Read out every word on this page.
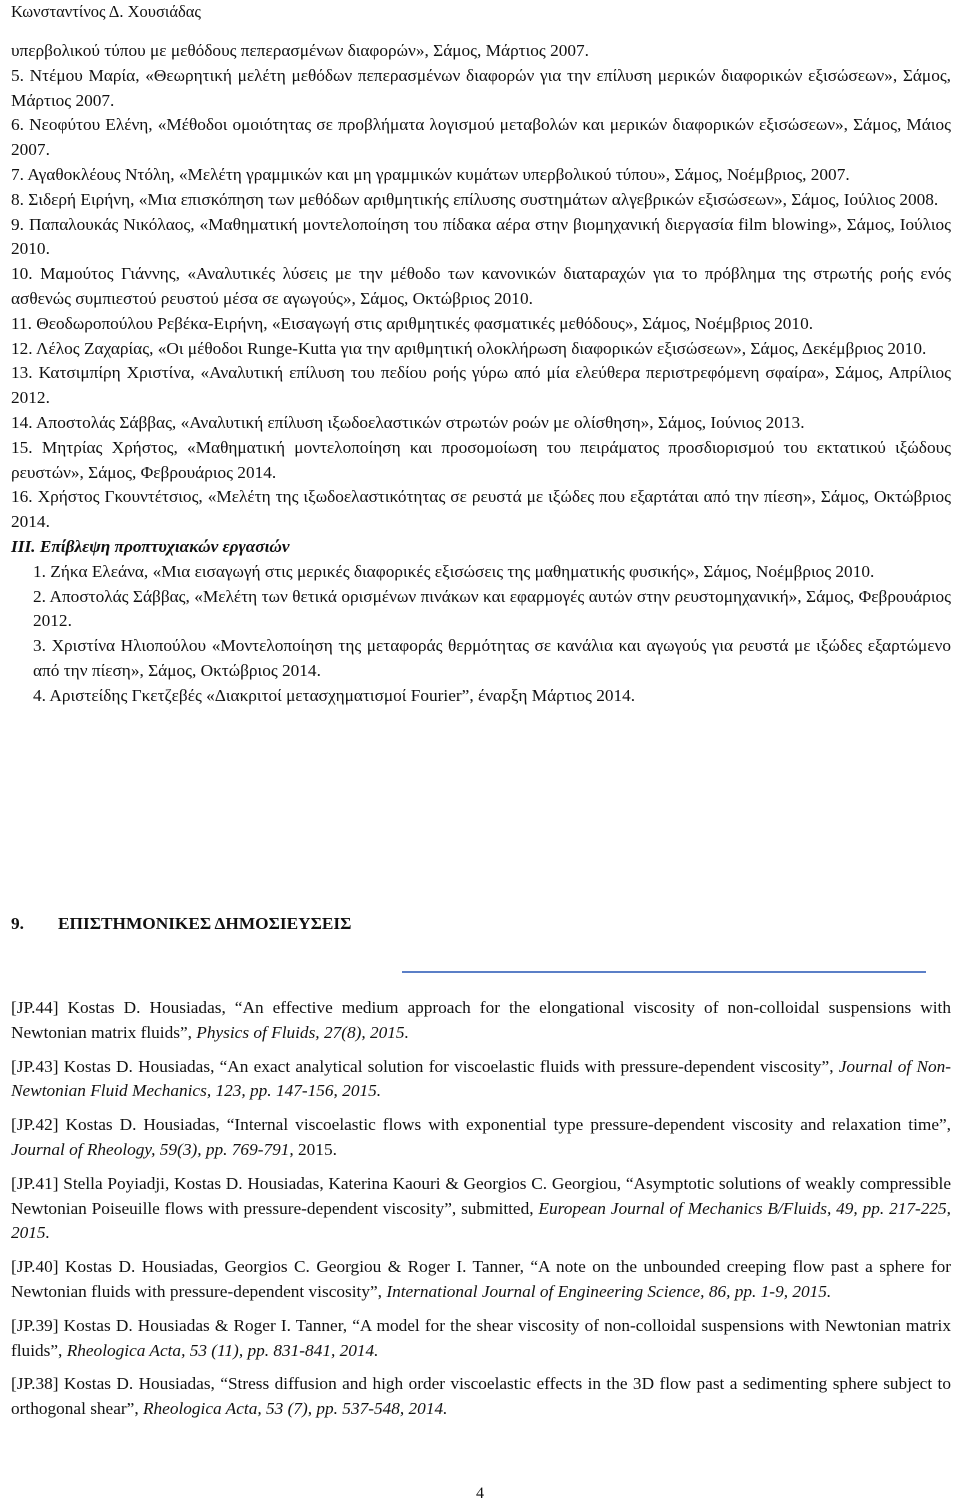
Κωνσταντίνος Δ. Χουσιάδας
υπερβολικού τύπου με μεθόδους πεπερασμένων διαφορών», Σάμος, Μάρτιος 2007.
5. Ντέμου Μαρία, «Θεωρητική μελέτη μεθόδων πεπερασμένων διαφορών για την επίλυση μερικών διαφορικών εξισώσεων», Σάμος, Μάρτιος 2007.
6. Νεοφύτου Ελένη, «Μέθοδοι ομοιότητας σε προβλήματα λογισμού μεταβολών και μερικών διαφορικών εξισώσεων», Σάμος, Μάιος 2007.
7. Αγαθοκλέους Ντόλη, «Μελέτη γραμμικών και μη γραμμικών κυμάτων υπερβολικού τύπου», Σάμος, Νοέμβριος, 2007.
8. Σιδερή Ειρήνη, «Μια επισκόπηση των μεθόδων αριθμητικής επίλυσης συστημάτων αλγεβρικών εξισώσεων», Σάμος, Ιούλιος 2008.
9. Παπαλουκάς Νικόλαος, «Μαθηματική μοντελοποίηση του πίδακα αέρα στην βιομηχανική διεργασία film blowing», Σάμος, Ιούλιος 2010.
10. Μαμούτος Γιάννης, «Αναλυτικές λύσεις με την μέθοδο των κανονικών διαταραχών για το πρόβλημα της στρωτής ροής ενός ασθενώς συμπιεστού ρευστού μέσα σε αγωγούς», Σάμος, Οκτώβριος 2010.
11. Θεοδωροπούλου Ρεβέκα-Ειρήνη, «Εισαγωγή στις αριθμητικές φασματικές μεθόδους», Σάμος, Νοέμβριος 2010.
12. Λέλος Ζαχαρίας, «Οι μέθοδοι Runge-Kutta για την αριθμητική ολοκλήρωση διαφορικών εξισώσεων», Σάμος, Δεκέμβριος 2010.
13. Κατσιμπίρη Χριστίνα, «Αναλυτική επίλυση του πεδίου ροής γύρω από μία ελεύθερα περιστρεφόμενη σφαίρα», Σάμος, Απρίλιος 2012.
14. Αποστολάς Σάββας, «Αναλυτική επίλυση ιξωδοελαστικών στρωτών ροών με ολίσθηση», Σάμος, Ιούνιος 2013.
15. Μητρίας Χρήστος, «Μαθηματική μοντελοποίηση και προσομοίωση του πειράματος προσδιορισμού του εκτατικού ιξώδους ρευστών», Σάμος, Φεβρουάριος 2014.
16. Χρήστος Γκουντέτσιος, «Μελέτη της ιξωδοελαστικότητας σε ρευστά με ιξώδες που εξαρτάται από την πίεση», Σάμος, Οκτώβριος 2014.
III. Επίβλεψη προπτυχιακών εργασιών
1. Ζήκα Ελεάνα, «Μια εισαγωγή στις μερικές διαφορικές εξισώσεις της μαθηματικής φυσικής», Σάμος, Νοέμβριος 2010.
2. Αποστολάς Σάββας, «Μελέτη των θετικά ορισμένων πινάκων και εφαρμογές αυτών στην ρευστομηχανική», Σάμος, Φεβρουάριος 2012.
3. Χριστίνα Ηλιοπούλου «Μοντελοποίηση της μεταφοράς θερμότητας σε κανάλια και αγωγούς για ρευστά με ιξώδες εξαρτώμενο από την πίεση», Σάμος, Οκτώβριος 2014.
4. Αριστείδης Γκετζεβές «Διακριτοί μετασχηματισμοί Fourier”, έναρξη Μάρτιος 2014.
9. ΕΠΙΣΤΗΜΟΝΙΚΕΣ ΔΗΜΟΣΙΕΥΣΕΙΣ
[JP.44] Kostas D. Housiadas, “An effective medium approach for the elongational viscosity of non-colloidal suspensions with Newtonian matrix fluids”, Physics of Fluids, 27(8), 2015.
[JP.43] Kostas D. Housiadas, “An exact analytical solution for viscoelastic fluids with pressure-dependent viscosity”, Journal of Non-Newtonian Fluid Mechanics, 123, pp. 147-156, 2015.
[JP.42] Kostas D. Housiadas, “Internal viscoelastic flows with exponential type pressure-dependent viscosity and relaxation time”, Journal of Rheology, 59(3), pp. 769-791, 2015.
[JP.41] Stella Poyiadji, Kostas D. Housiadas, Katerina Kaouri & Georgios C. Georgiou, “Asymptotic solutions of weakly compressible Newtonian Poiseuille flows with pressure-dependent viscosity”, submitted, European Journal of Mechanics B/Fluids, 49, pp. 217-225, 2015.
[JP.40] Kostas D. Housiadas, Georgios C. Georgiou & Roger I. Tanner, “A note on the unbounded creeping flow past a sphere for Newtonian fluids with pressure-dependent viscosity”, International Journal of Engineering Science, 86, pp. 1-9, 2015.
[JP.39] Kostas D. Housiadas & Roger I. Tanner, “A model for the shear viscosity of non-colloidal suspensions with Newtonian matrix fluids”, Rheologica Acta, 53 (11), pp. 831-841, 2014.
[JP.38] Kostas D. Housiadas, “Stress diffusion and high order viscoelastic effects in the 3D flow past a sedimenting sphere subject to orthogonal shear”, Rheologica Acta, 53 (7), pp. 537-548, 2014.
4
